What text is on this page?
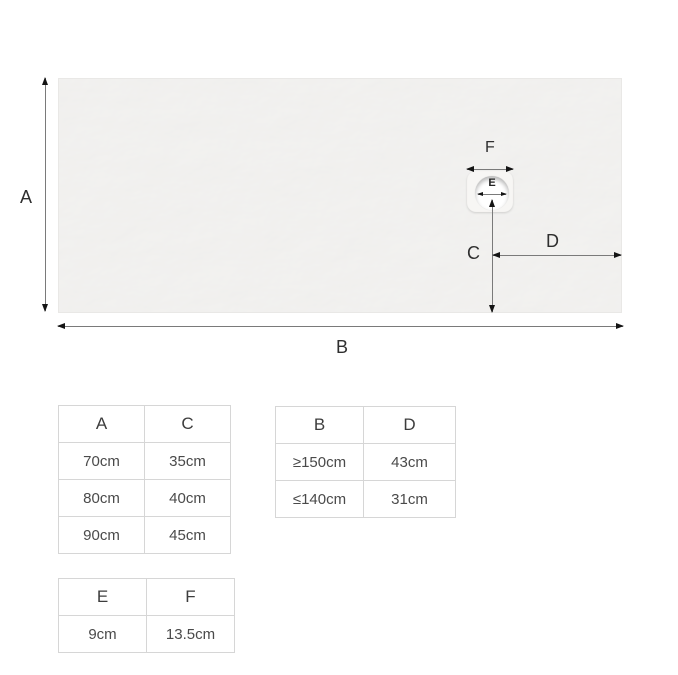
A
B
E
F
C
D
A	C
70cm	35cm
80cm	40cm
90cm	45cm
B	D
≥150cm	43cm
≤140cm	31cm
E	F
9cm	13.5cm
